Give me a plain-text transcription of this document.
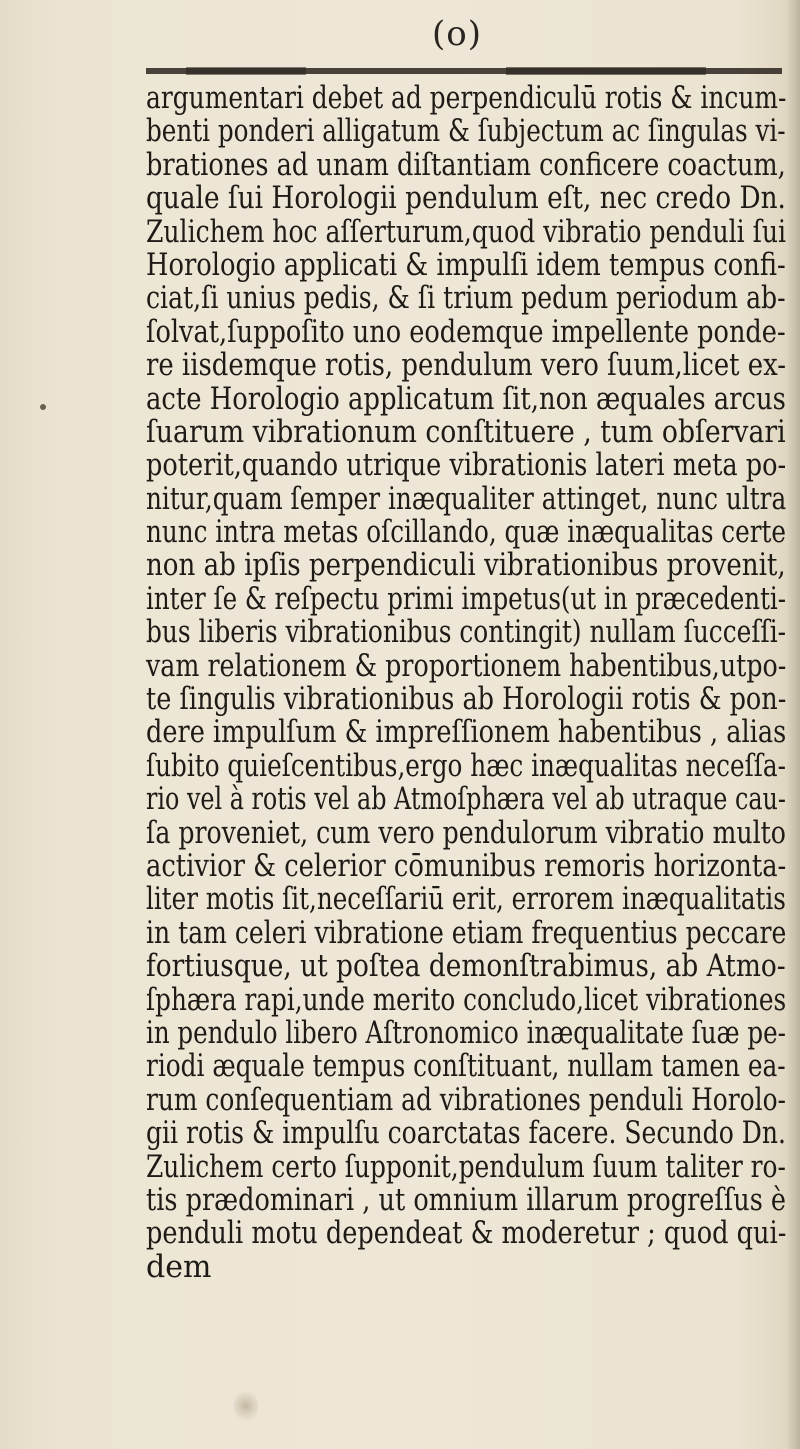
(o)
argumentari debet ad perpendiculū rotis & incum-
benti ponderi alligatum & ſubjectum ac ſingulas vi-
brationes ad unam diſtantiam conficere coactum,
quale ſui Horologii pendulum eſt, nec credo Dn.
Zulichem hoc aſſerturum,quod vibratio penduli ſui
Horologio applicati & impulſi idem tempus confi-
ciat,ſi unius pedis, & ſi trium pedum periodum ab-
ſolvat,ſuppoſito uno eodemque impellente ponde-
re iisdemque rotis, pendulum vero ſuum,licet ex-
acte Horologio applicatum ſit,non æquales arcus
ſuarum vibrationum conſtituere , tum obſervari
poterit,quando utrique vibrationis lateri meta po-
nitur,quam ſemper inæqualiter attinget, nunc ultra
nunc intra metas oſcillando, quæ inæqualitas certe
non ab ipſis perpendiculi vibrationibus provenit,
inter ſe & reſpectu primi impetus(ut in præcedenti-
bus liberis vibrationibus contingit) nullam ſucceſſi-
vam relationem & proportionem habentibus,utpo-
te ſingulis vibrationibus ab Horologii rotis & pon-
dere impulſum & impreſſionem habentibus , alias
ſubito quieſcentibus,ergo hæc inæqualitas neceſſa-
rio vel à rotis vel ab Atmoſphæra vel ab utraque cau-
ſa proveniet, cum vero pendulorum vibratio multo
activior & celerior cōmunibus remoris horizonta-
liter motis ſit,neceſſariū erit, errorem inæqualitatis
in tam celeri vibratione etiam frequentius peccare
fortiusque, ut poſtea demonſtrabimus, ab Atmo-
ſphæra rapi,unde merito concludo,licet vibrationes
in pendulo libero Aſtronomico inæqualitate ſuæ pe-
riodi æquale tempus conſtituant, nullam tamen ea-
rum conſequentiam ad vibrationes penduli Horolo-
gii rotis & impulſu coarctatas facere. Secundo Dn.
Zulichem certo ſupponit,pendulum ſuum taliter ro-
tis prædominari , ut omnium illarum progreſſus è
penduli motu dependeat & moderetur ; quod qui-
dem
